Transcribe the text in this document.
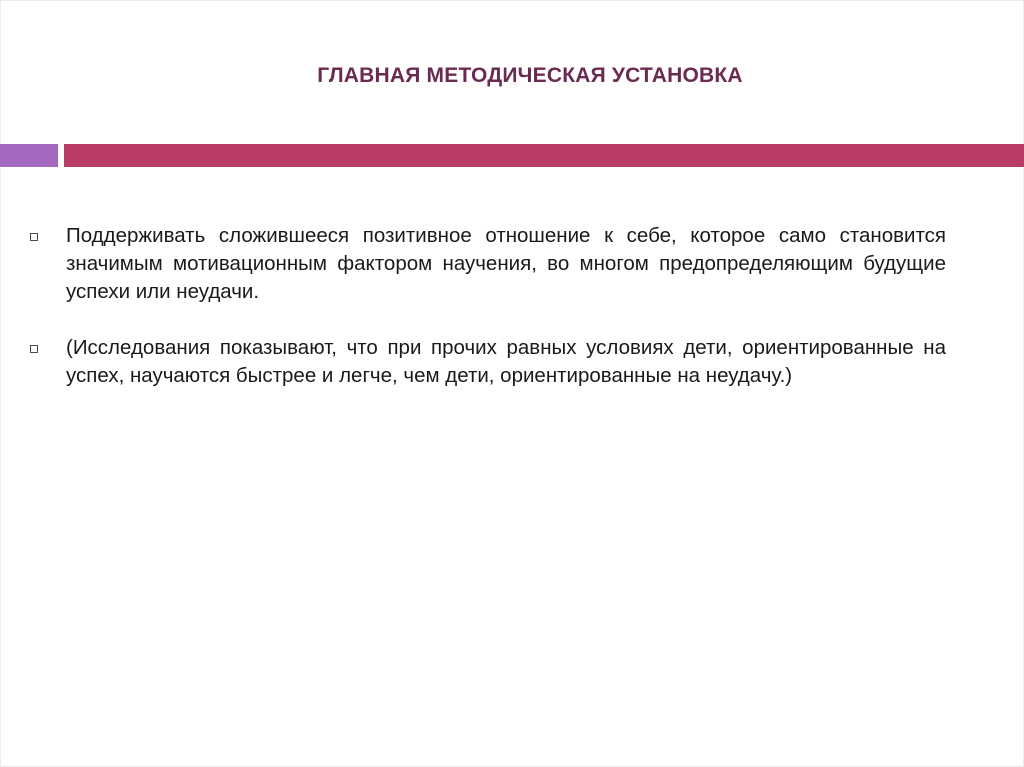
ГЛАВНАЯ МЕТОДИЧЕСКАЯ УСТАНОВКА
Поддерживать сложившееся позитивное отношение к себе, которое само становится значимым мотивационным фактором научения, во многом предопределяющим будущие успехи или неудачи.
(Исследования показывают, что при прочих равных условиях дети, ориентированные на успех, научаются быстрее и легче, чем дети, ориентированные на неудачу.)
